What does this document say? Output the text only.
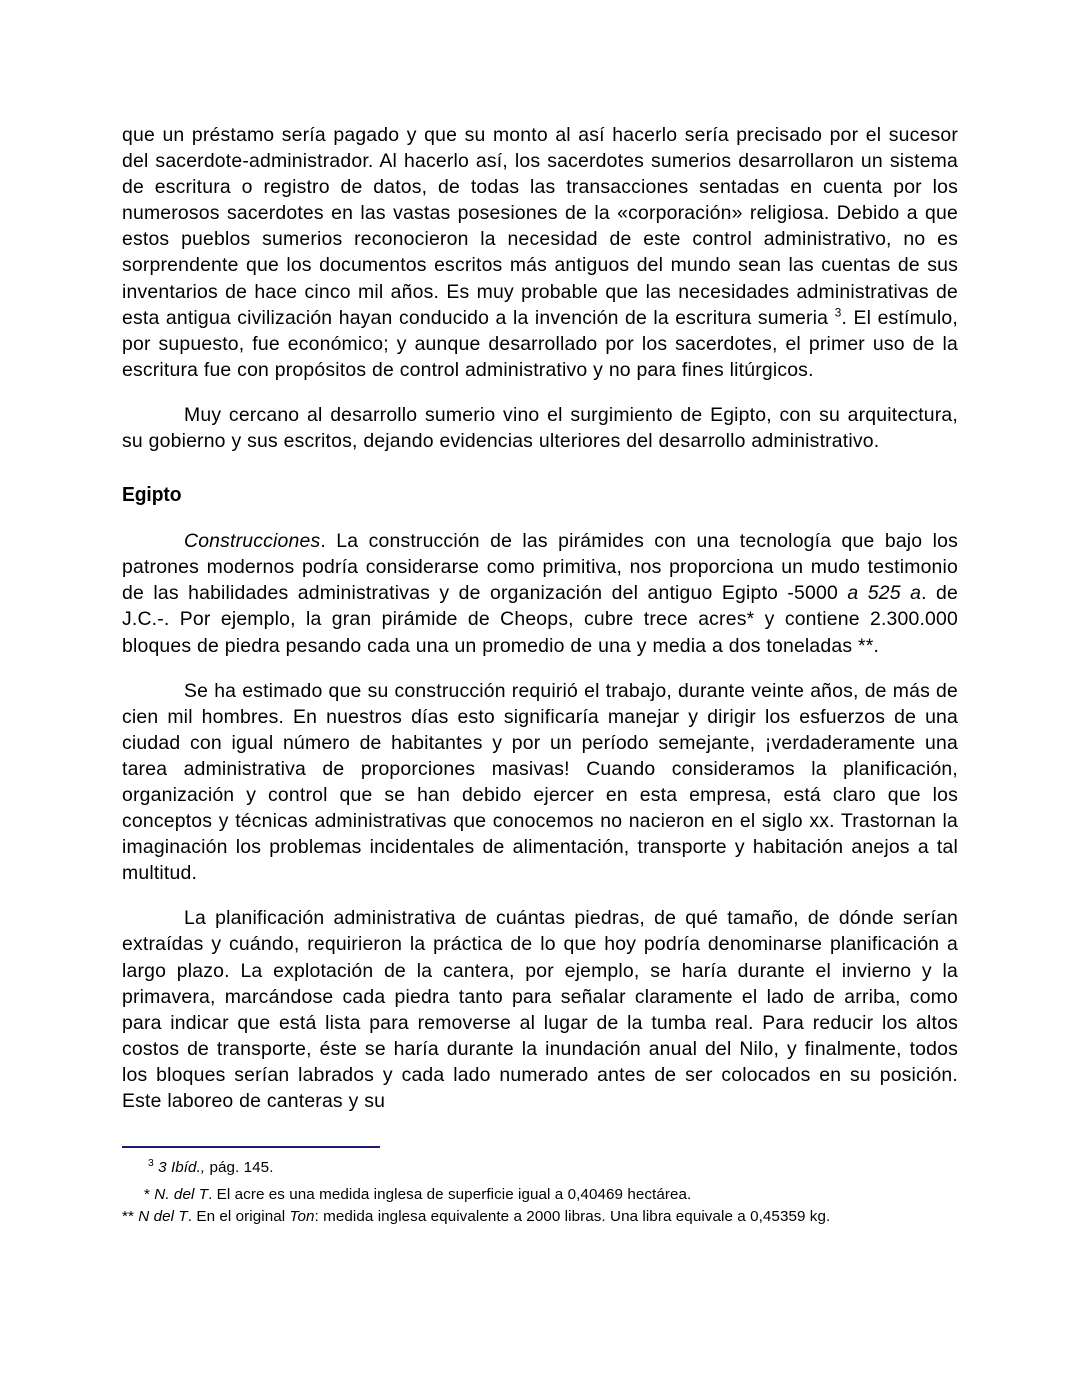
que un préstamo sería pagado y que su monto al así hacerlo sería precisado por el sucesor del sacerdote-administrador. Al hacerlo así, los sacerdotes sumerios desarrollaron un sistema de escritura o registro de datos, de todas las transacciones sentadas en cuenta por los numerosos sacerdotes en las vastas posesiones de la «corporación» religiosa. Debido a que estos pueblos sumerios reconocieron la necesidad de este control administrativo, no es sorprendente que los documentos escritos más antiguos del mundo sean las cuentas de sus inventarios de hace cinco mil años. Es muy probable que las necesidades administrativas de esta antigua civilización hayan conducido a la invención de la escritura sumeria $^3$. El estímulo, por supuesto, fue económico; y aunque desarrollado por los sacerdotes, el primer uso de la escritura fue con propósitos de control administrativo y no para fines litúrgicos.

Muy cercano al desarrollo sumerio vino el surgimiento de Egipto, con su arquitectura, su gobierno y sus escritos, dejando evidencias ulteriores del desarrollo administrativo.

Egipto

Construcciones. La construcción de las pirámides con una tecnología que bajo los patrones modernos podría considerarse como primitiva, nos proporciona un mudo testimonio de las habilidades administrativas y de organización del antiguo Egipto -5000 a 525 a. de J.C.-. Por ejemplo, la gran pirámide de Cheops, cubre trece acres* y contiene 2.300.000 bloques de piedra pesando cada una un promedio de una y media a dos toneladas **.

Se ha estimado que su construcción requirió el trabajo, durante veinte años, de más de cien mil hombres. En nuestros días esto significaría manejar y dirigir los esfuerzos de una ciudad con igual número de habitantes y por un período semejante, ¡verdaderamente una tarea administrativa de proporciones masivas! Cuando consideramos la planificación, organización y control que se han debido ejercer en esta empresa, está claro que los conceptos y técnicas administrativas que conocemos no nacieron en el siglo xx. Trastornan la imaginación los problemas incidentales de alimentación, transporte y habitación anejos a tal multitud.

La planificación administrativa de cuántas piedras, de qué tamaño, de dónde serían extraídas y cuándo, requirieron la práctica de lo que hoy podría denominarse planificación a largo plazo. La explotación de la cantera, por ejemplo, se haría durante el invierno y la primavera, marcándose cada piedra tanto para señalar claramente el lado de arriba, como para indicar que está lista para removerse al lugar de la tumba real. Para reducir los altos costos de transporte, éste se haría durante la inundación anual del Nilo, y finalmente, todos los bloques serían labrados y cada lado numerado antes de ser colocados en su posición. Este laboreo de canteras y su

$^3$ 3 Ibíd., pág. 145.

* N. del T. El acre es una medida inglesa de superficie igual a 0,40469 hectárea.

** N del T. En el original Ton: medida inglesa equivalente a 2000 libras. Una libra equivale a 0,45359 kg.
